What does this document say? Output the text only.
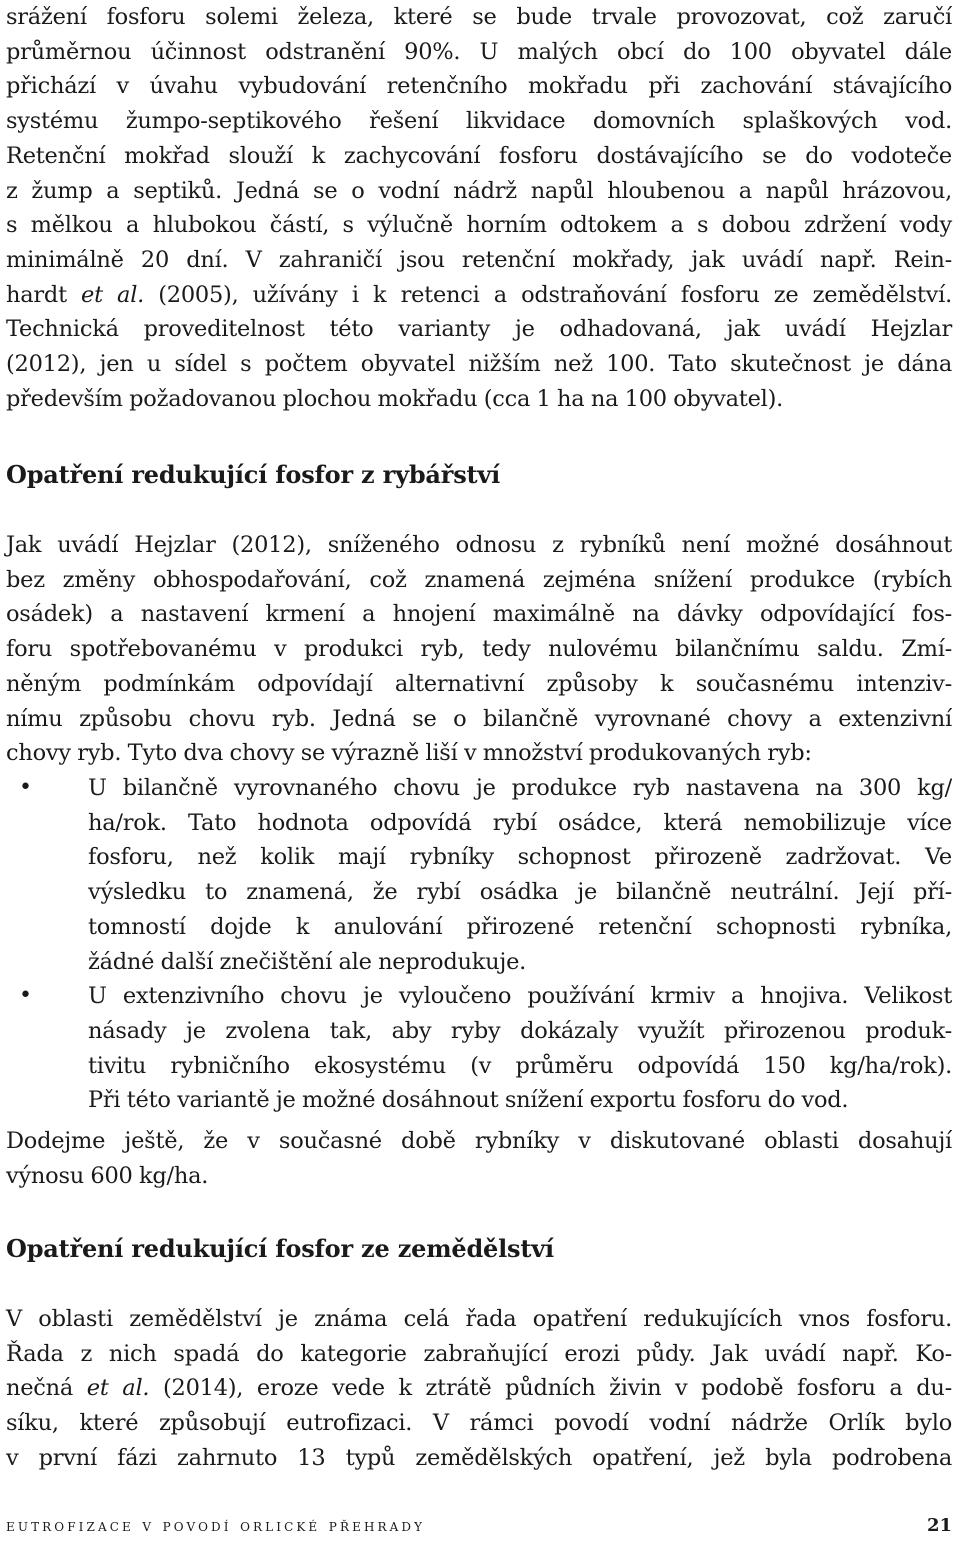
srážení fosforu solemi železa, které se bude trvale provozovat, což zaručí
průměrnou účinnost odstranění 90%. U malých obcí do 100 obyvatel dále
přichází v úvahu vybudování retenčního mokřadu při zachování stávajícího
systému žumpo-septikového řešení likvidace domovních splaškových vod.
Retenční mokřad slouží k zachycování fosforu dostávajícího se do vodoteče
z žump a septiků. Jedná se o vodní nádrž napůl hloubenou a napůl hrázovou,
s mělkou a hlubokou částí, s výlučně horním odtokem a s dobou zdržení vody
minimálně 20 dní. V zahraničí jsou retenční mokřady, jak uvádí např. Rein-
hardt et al. (2005), užívány i k retenci a odstraňování fosforu ze zemědělství.
Technická proveditelnost této varianty je odhadovaná, jak uvádí Hejzlar
(2012), jen u sídel s počtem obyvatel nižším než 100. Tato skutečnost je dána
především požadovanou plochou mokřadu (cca 1 ha na 100 obyvatel).
Opatření redukující fosfor z rybářství
Jak uvádí Hejzlar (2012), sníženého odnosu z rybníků není možné dosáhnout
bez změny obhospodařování, což znamená zejména snížení produkce (rybích
osádek) a nastavení krmení a hnojení maximálně na dávky odpovídající fos-
foru spotřebovanému v produkci ryb, tedy nulovému bilančnímu saldu. Zmí-
něným podmínkám odpovídají alternativní způsoby k současnému intenziv-
nímu způsobu chovu ryb. Jedná se o bilančně vyrovnané chovy a extenzivní
chovy ryb. Tyto dva chovy se výrazně liší v množství produkovaných ryb:
•	U bilančně vyrovnaného chovu je produkce ryb nastavena na 300 kg/
ha/rok. Tato hodnota odpovídá rybí osádce, která nemobilizuje více
fosforu, než kolik mají rybníky schopnost přirozeně zadržovat. Ve
výsledku to znamená, že rybí osádka je bilančně neutrální. Její pří-
tomností dojde k anulování přirozené retenční schopnosti rybníka,
žádné další znečištění ale neprodukuje.
•	U extenzivního chovu je vyloučeno používání krmiv a hnojiva. Velikost
násady je zvolena tak, aby ryby dokázaly využít přirozenou produk-
tivitu rybničního ekosystému (v průměru odpovídá 150 kg/ha/rok).
Při této variantě je možné dosáhnout snížení exportu fosforu do vod.
Dodejme ještě, že v současné době rybníky v diskutované oblasti dosahují
výnosu 600 kg/ha.
Opatření redukující fosfor ze zemědělství
V oblasti zemědělství je známa celá řada opatření redukujících vnos fosforu.
Řada z nich spadá do kategorie zabraňující erozi půdy. Jak uvádí např. Ko-
nečná et al. (2014), eroze vede k ztrátě půdních živin v podobě fosforu a du-
síku, které způsobují eutrofizaci. V rámci povodí vodní nádrže Orlík bylo
v první fázi zahrnuto 13 typů zemědělských opatření, jež byla podrobena
eutrofizace v povodí orlické přehrady	21
